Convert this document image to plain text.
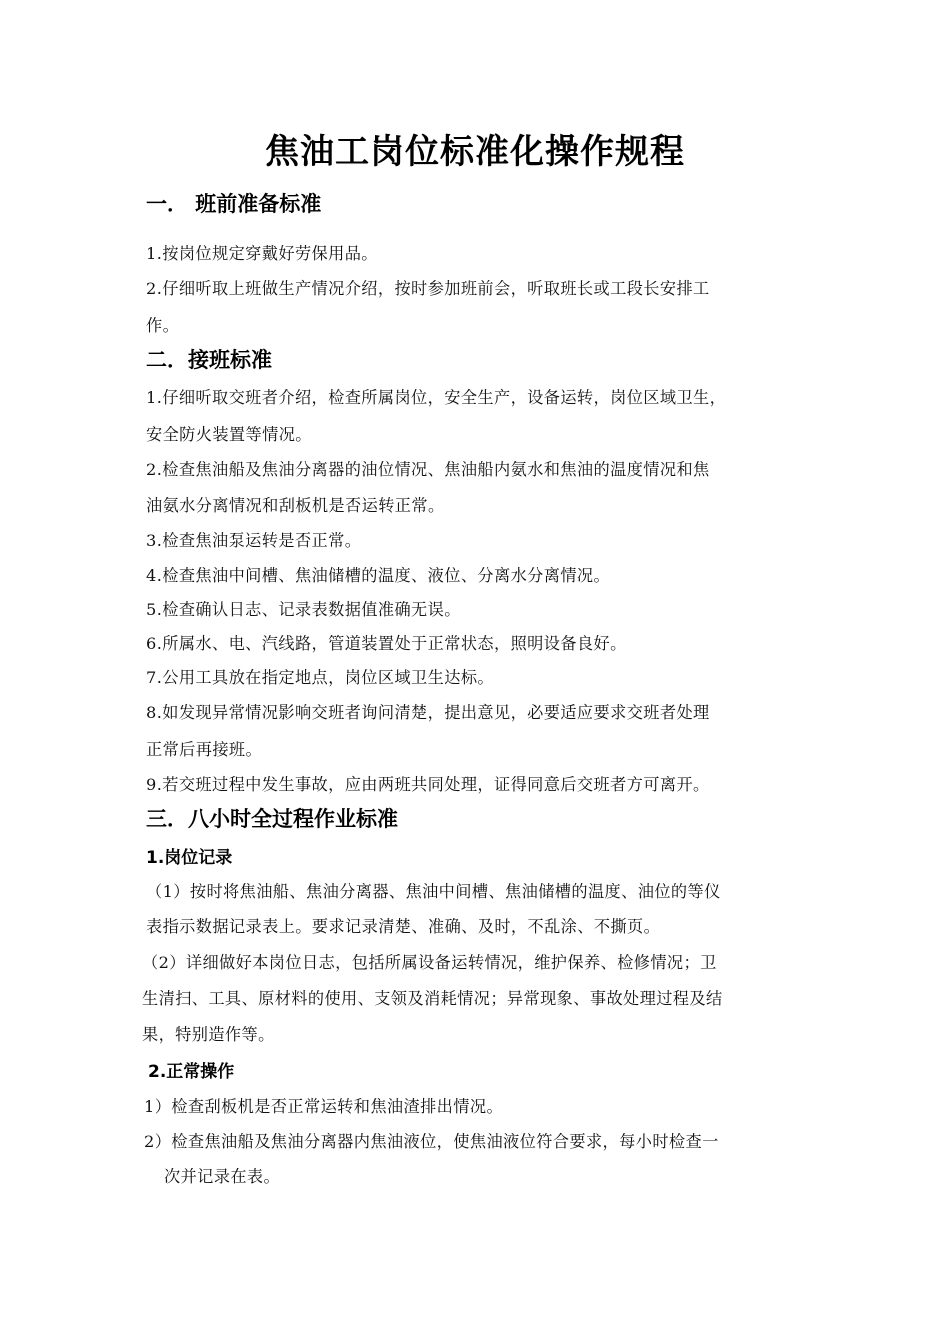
焦油工岗位标准化操作规程
一． 班前准备标准
1.按岗位规定穿戴好劳保用品。
2.仔细听取上班做生产情况介绍，按时参加班前会，听取班长或工段长安排工
作。
二．接班标准
1.仔细听取交班者介绍，检查所属岗位，安全生产，设备运转，岗位区域卫生，
安全防火装置等情况。
2.检查焦油船及焦油分离器的油位情况、焦油船内氨水和焦油的温度情况和焦
油氨水分离情况和刮板机是否运转正常。
3.检查焦油泵运转是否正常。
4.检查焦油中间槽、焦油储槽的温度、液位、分离水分离情况。
5.检查确认日志、记录表数据值准确无误。
6.所属水、电、汽线路，管道装置处于正常状态，照明设备良好。
7.公用工具放在指定地点，岗位区域卫生达标。
8.如发现异常情况影响交班者询问清楚，提出意见，必要适应要求交班者处理
正常后再接班。
9.若交班过程中发生事故，应由两班共同处理，证得同意后交班者方可离开。
三．八小时全过程作业标准
1.岗位记录
（1）按时将焦油船、焦油分离器、焦油中间槽、焦油储槽的温度、油位的等仪
表指示数据记录表上。要求记录清楚、准确、及时，不乱涂、不撕页。
（2）详细做好本岗位日志，包括所属设备运转情况，维护保养、检修情况；卫
生清扫、工具、原材料的使用、支领及消耗情况；异常现象、事故处理过程及结
果，特别造作等。
2.正常操作
1）检查刮板机是否正常运转和焦油渣排出情况。
2）检查焦油船及焦油分离器内焦油液位，使焦油液位符合要求，每小时检查一
次并记录在表。
